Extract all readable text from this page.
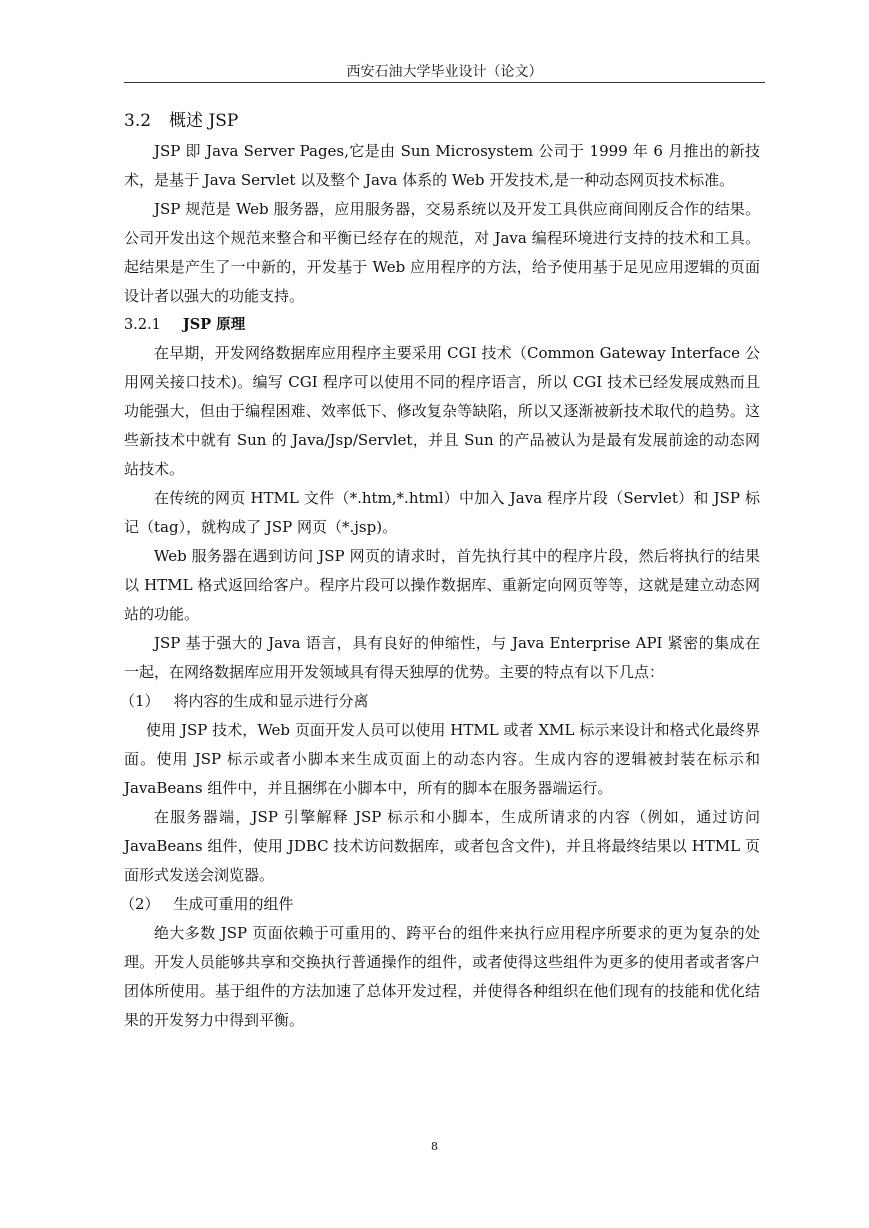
西安石油大学毕业设计（论文）
3.2 概述 JSP

JSP 即 Java Server Pages,它是由 Sun Microsystem 公司于 1999 年 6 月推出的新技术，是基于 Java Servlet 以及整个 Java 体系的 Web 开发技术,是一种动态网页技术标准。

JSP 规范是 Web 服务器，应用服务器，交易系统以及开发工具供应商间刚反合作的结果。公司开发出这个规范来整合和平衡已经存在的规范，对 Java 编程环境进行支持的技术和工具。起结果是产生了一中新的，开发基于 Web 应用程序的方法，给予使用基于足见应用逻辑的页面设计者以强大的功能支持。

3.2.1 JSP 原理

在早期，开发网络数据库应用程序主要采用 CGI 技术（Common Gateway Interface 公用网关接口技术)。编写 CGI 程序可以使用不同的程序语言，所以 CGI 技术已经发展成熟而且功能强大，但由于编程困难、效率低下、修改复杂等缺陷，所以又逐渐被新技术取代的趋势。这些新技术中就有 Sun 的 Java/Jsp/Servlet，并且 Sun 的产品被认为是最有发展前途的动态网站技术。

在传统的网页 HTML 文件（*.htm,*.html）中加入 Java 程序片段（Servlet）和 JSP 标记（tag），就构成了 JSP 网页（*.jsp)。

Web 服务器在遇到访问 JSP 网页的请求时，首先执行其中的程序片段，然后将执行的结果以 HTML 格式返回给客户。程序片段可以操作数据库、重新定向网页等等，这就是建立动态网站的功能。

JSP 基于强大的 Java 语言，具有良好的伸缩性，与 Java Enterprise API 紧密的集成在一起，在网络数据库应用开发领域具有得天独厚的优势。主要的特点有以下几点：

（1） 将内容的生成和显示进行分离

使用 JSP 技术，Web 页面开发人员可以使用 HTML 或者 XML 标示来设计和格式化最终界面。使用 JSP 标示或者小脚本来生成页面上的动态内容。生成内容的逻辑被封装在标示和 JavaBeans 组件中，并且捆绑在小脚本中，所有的脚本在服务器端运行。

在服务器端，JSP 引擎解释 JSP 标示和小脚本，生成所请求的内容（例如，通过访问 JavaBeans 组件，使用 JDBC 技术访问数据库，或者包含文件)，并且将最终结果以 HTML 页面形式发送会浏览器。

（2） 生成可重用的组件

绝大多数 JSP 页面依赖于可重用的、跨平台的组件来执行应用程序所要求的更为复杂的处理。开发人员能够共享和交换执行普通操作的组件，或者使得这些组件为更多的使用者或者客户团体所使用。基于组件的方法加速了总体开发过程，并使得各种组织在他们现有的技能和优化结果的开发努力中得到平衡。

8
